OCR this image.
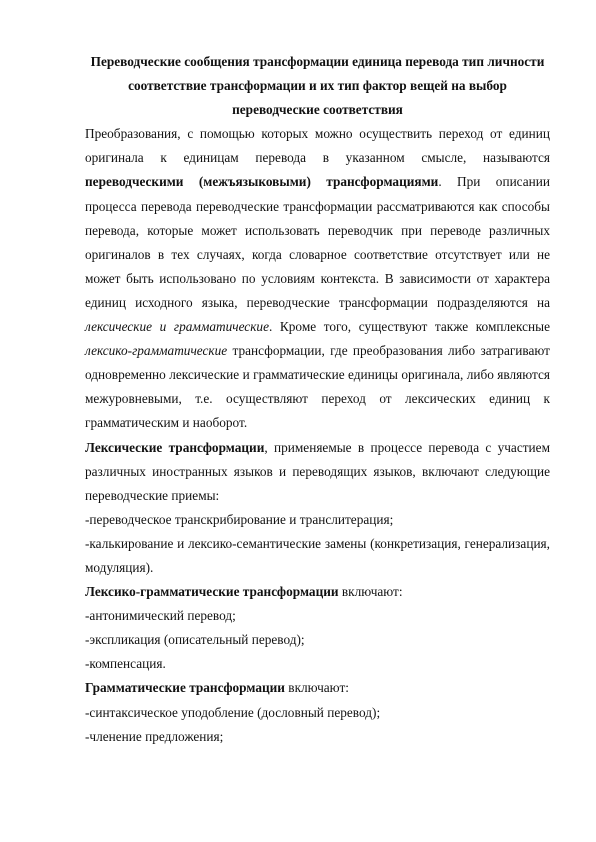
Переводческие сообщения трансформации единица перевода тип личности соответствие трансформации и их тип фактор вещей на выбор переводческие соответствия

Преобразования, с помощью которых можно осуществить переход от единиц оригинала к единицам перевода в указанном смысле, называются переводческими (межъязыковыми) трансформациями. При описании процесса перевода переводческие трансформации рассматриваются как способы перевода, которые может использовать переводчик при переводе различных оригиналов в тех случаях, когда словарное соответствие отсутствует или не может быть использовано по условиям контекста. В зависимости от характера единиц исходного языка, переводческие трансформации подразделяются на лексические и грамматические. Кроме того, существуют также комплексные лексико-грамматические трансформации, где преобразования либо затрагивают одновременно лексические и грамматические единицы оригинала, либо являются межуровневыми, т.е. осуществляют переход от лексических единиц к грамматическим и наоборот.

Лексические трансформации, применяемые в процессе перевода с участием различных иностранных языков и переводящих языков, включают следующие переводческие приемы:

-переводческое транскрибирование и транслитерация;

-калькирование и лексико-семантические замены (конкретизация, генерализация, модуляция).

Лексико-грамматические трансформации включают:

-антонимический перевод;

-экспликация (описательный перевод);

-компенсация.

Грамматические трансформации включают:

-синтаксическое уподобление (дословный перевод);

-членение предложения;
